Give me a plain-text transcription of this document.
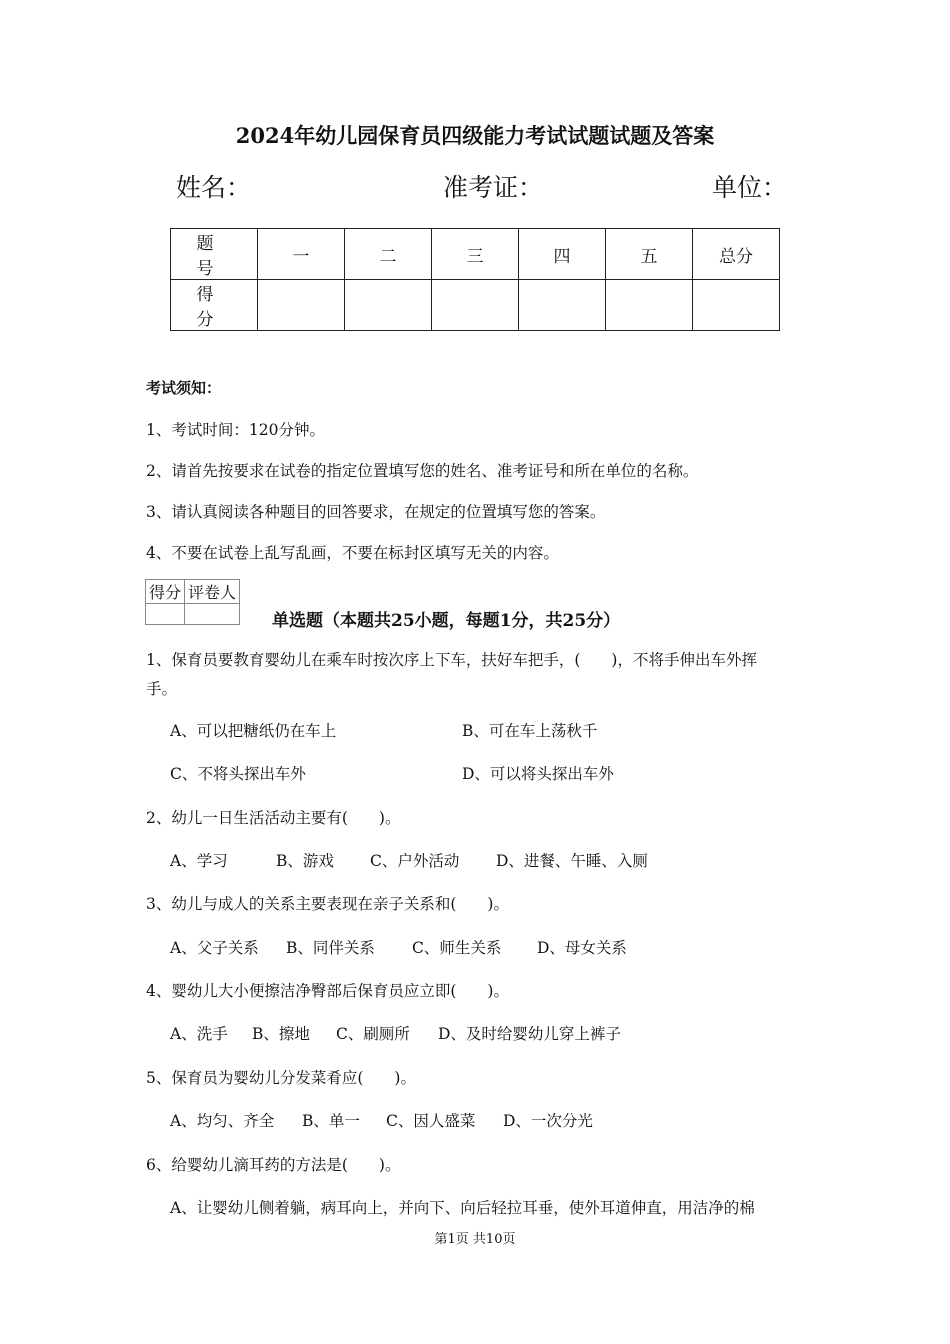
2024年幼儿园保育员四级能力考试试题试题及答案
姓名：	准考证：	单位：
题　号	一	二	三	四	五	总分
得　分						
考试须知：
1、考试时间：120分钟。
2、请首先按要求在试卷的指定位置填写您的姓名、准考证号和所在单位的名称。
3、请认真阅读各种题目的回答要求，在规定的位置填写您的答案。
4、不要在试卷上乱写乱画，不要在标封区填写无关的内容。
得分	评卷人

单选题（本题共25小题，每题1分，共25分）
1、保育员要教育婴幼儿在乘车时按次序上下车，扶好车把手，(　　)，不将手伸出车外挥
手。
A、可以把糖纸仍在车上	B、可在车上荡秋千
C、不将头探出车外	D、可以将头探出车外
2、幼儿一日生活活动主要有(　　)。
A、学习	B、游戏 C、户外活动 D、进餐、午睡、入厕
3、幼儿与成人的关系主要表现在亲子关系和(　　)。
A、父子关系 B、同伴关系 C、师生关系 D、母女关系
4、婴幼儿大小便擦洁净臀部后保育员应立即(　　)。
A、洗手 B、擦地 C、刷厕所 D、及时给婴幼儿穿上裤子
5、保育员为婴幼儿分发菜肴应(　　)。
A、均匀、齐全 B、单一 C、因人盛菜 D、一次分光
6、给婴幼儿滴耳药的方法是(　　)。
A、让婴幼儿侧着躺，病耳向上，并向下、向后轻拉耳垂，使外耳道伸直，用洁净的棉
第1页 共10页
